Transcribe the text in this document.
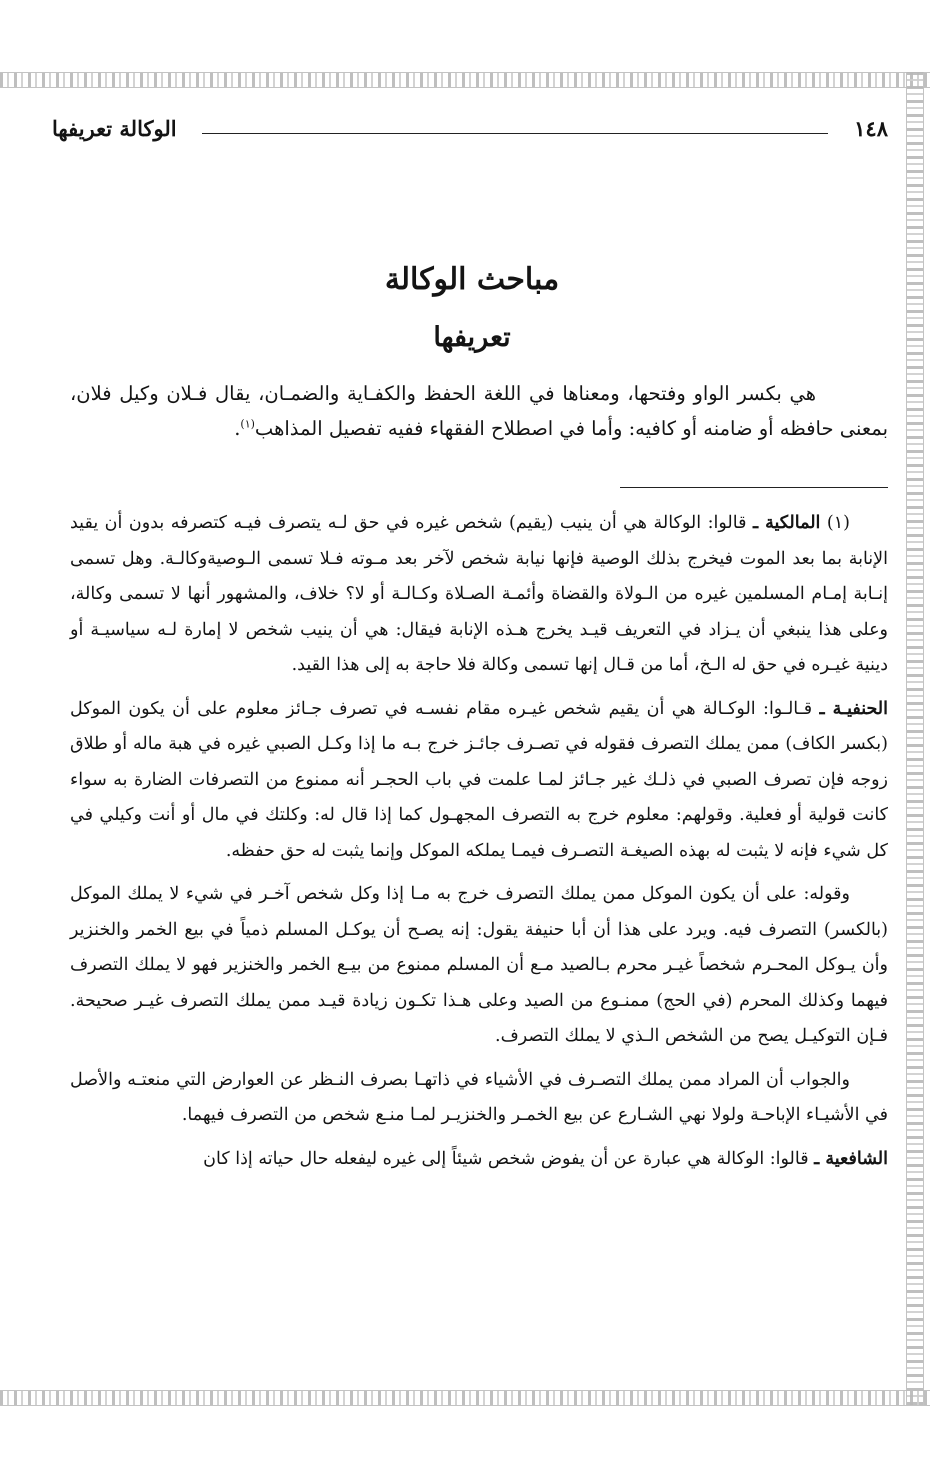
الوكالة تعريفها	١٤٨
مباحث الوكالة
تعريفها

هي بكسر الواو وفتحها، ومعناها في اللغة الحفظ والكفـاية والضمـان، يقال فـلان وكيل فلان، بمعنى حافظه أو ضامنه أو كافيه: وأما في اصطلاح الفقهاء ففيه تفصيل المذاهب$^{(١)}$.

(١) المالكية ـ قالوا: الوكالة هي أن ينيب (يقيم) شخص غيره في حق لـه يتصرف فيـه كتصرفه بدون أن يقيد الإنابة بما بعد الموت فيخرج بذلك الوصية فإنها نيابة شخص لآخر بعد مـوته فـلا تسمى الـوصيةوكالـة. وهل تسمى إنـابة إمـام المسلمين غيره من الـولاة والقضاة وأئمـة الصـلاة وكـالـة أو لا؟ خلاف، والمشهور أنها لا تسمى وكالة، وعلى هذا ينبغي أن يـزاد في التعريف قيـد يخرج هـذه الإنابة فيقال: هي أن ينيب شخص لا إمارة لـه سياسيـة أو دينية غيـره في حق له الـخ، أما من قـال إنها تسمى وكالة فلا حاجة به إلى هذا القيد.

الحنفيـة ـ قـالـوا: الوكـالة هي أن يقيم شخص غيـره مقام نفسـه في تصرف جـائز معلوم على أن يكون الموكل (بكسر الكاف) ممن يملك التصرف فقوله في تصـرف جائـز خرج بـه ما إذا وكـل الصبي غيره في هبة ماله أو طلاق زوجه فإن تصرف الصبي في ذلـك غير جـائز لمـا علمت في باب الحجـر أنه ممنوع من التصرفات الضارة به سواء كانت قولية أو فعلية. وقولهم: معلوم خرج به التصرف المجهـول كما إذا قال له: وكلتك في مال أو أنت وكيلي في كل شيء فإنه لا يثبت له بهذه الصيغـة التصـرف فيمـا يملكه الموكل وإنما يثبت له حق حفظه.

وقوله: على أن يكون الموكل ممن يملك التصرف خرج به مـا إذا وكل شخص آخـر في شيء لا يملك الموكل (بالكسر) التصرف فيه. ويرد على هذا أن أبا حنيفة يقول: إنه يصـح أن يوكـل المسلم ذمياً في بيع الخمر والخنزير وأن يـوكل المحـرم شخصاً غيـر محرم بـالصيد مـع أن المسلم ممنوع من بيـع الخمر والخنزير فهو لا يملك التصرف فيهما وكذلك المحرم (في الحج) ممنـوع من الصيد وعلى هـذا تكـون زيادة قيـد ممن يملك التصرف غيـر صحيحة. فـإن التوكيـل يصح من الشخص الـذي لا يملك التصرف.

والجواب أن المراد ممن يملك التصـرف في الأشياء في ذاتهـا بصرف النـظر عن العوارض التي منعتـه والأصل في الأشيـاء الإباحـة ولولا نهي الشـارع عن بيع الخمـر والخنزيـر لمـا منـع شخص من التصرف فيهما.

الشافعية ـ قالوا: الوكالة هي عبارة عن أن يفوض شخص شيئاً إلى غيره ليفعله حال حياته إذا كان
